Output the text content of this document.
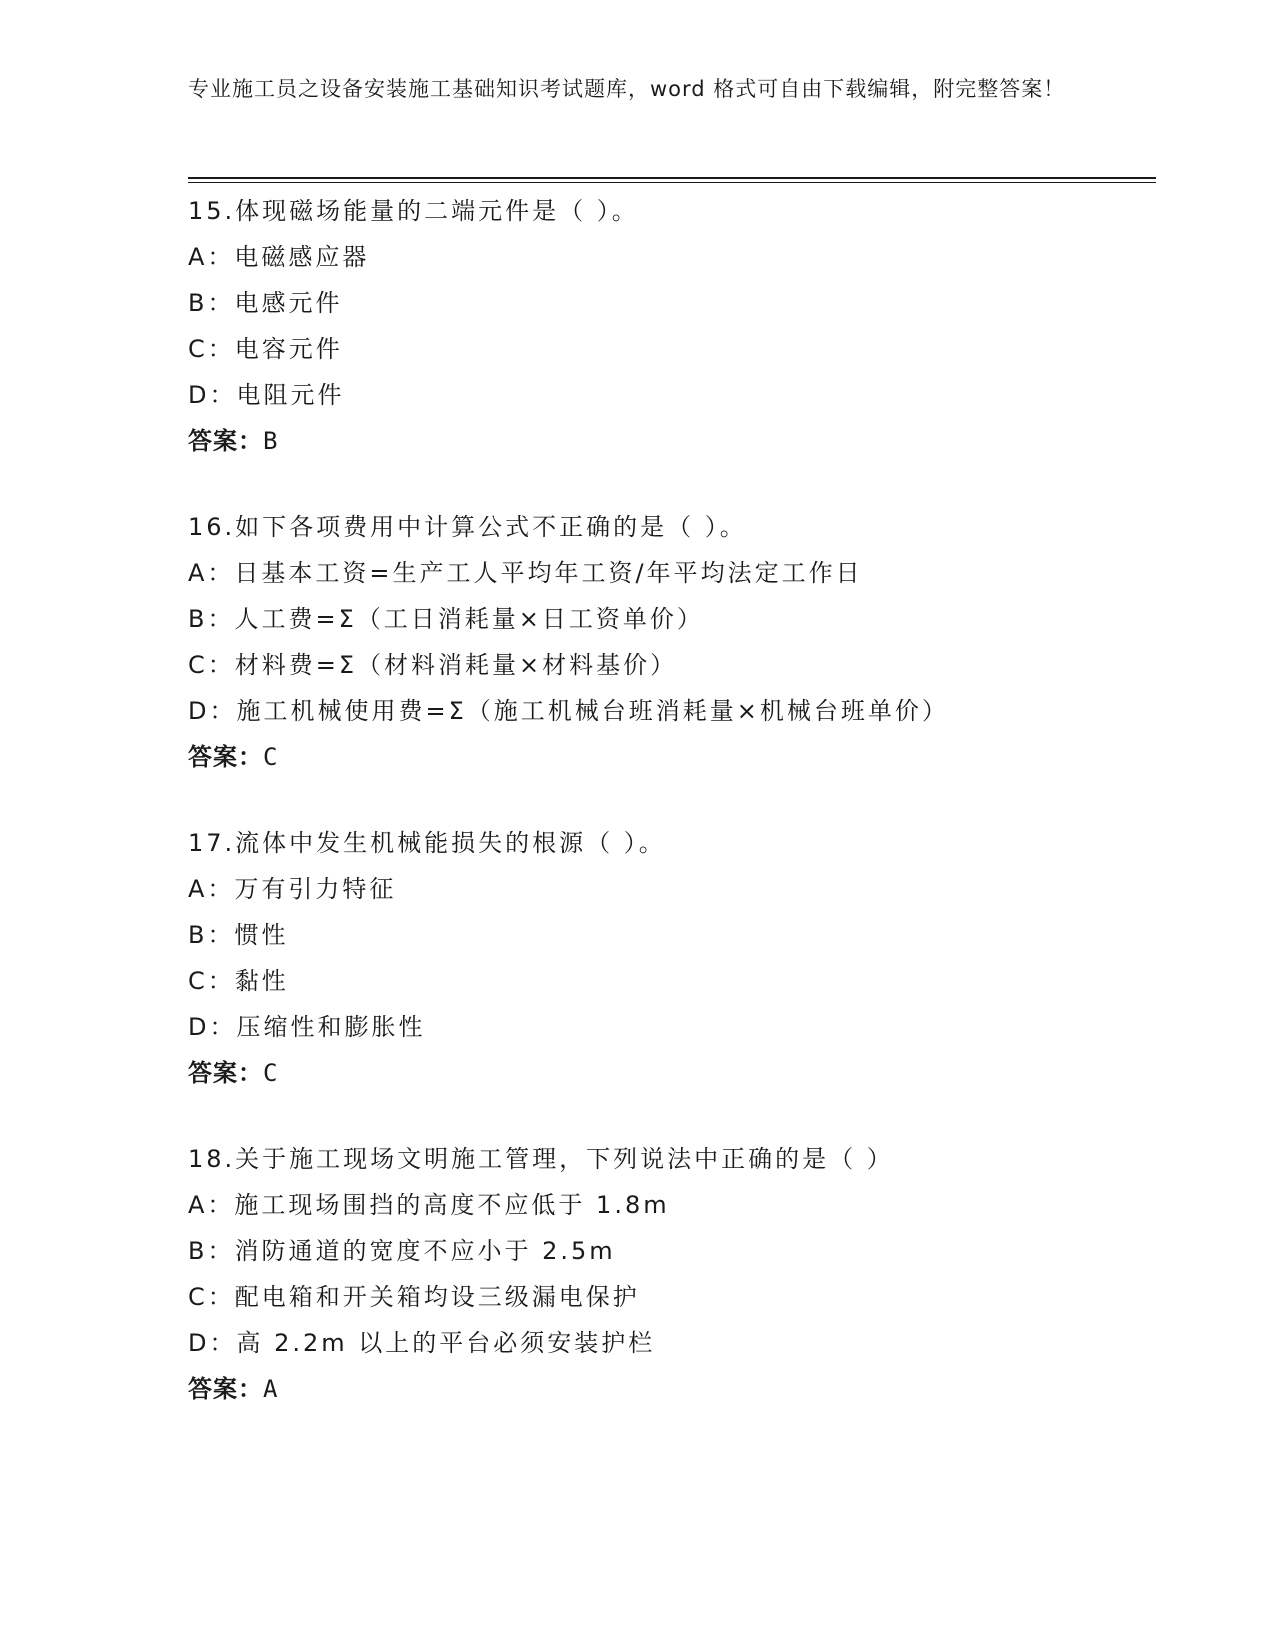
专业施工员之设备安装施工基础知识考试题库，word 格式可自由下载编辑，附完整答案！
15.体现磁场能量的二端元件是（ ）。
A：电磁感应器
B：电感元件
C：电容元件
D：电阻元件
答案：B
16.如下各项费用中计算公式不正确的是（ ）。
A：日基本工资=生产工人平均年工资/年平均法定工作日
B：人工费=Σ（工日消耗量×日工资单价）
C：材料费=Σ（材料消耗量×材料基价）
D：施工机械使用费=Σ（施工机械台班消耗量×机械台班单价）
答案：C
17.流体中发生机械能损失的根源（ ）。
A：万有引力特征
B：惯性
C：黏性
D：压缩性和膨胀性
答案：C
18.关于施工现场文明施工管理，下列说法中正确的是（ ）
A：施工现场围挡的高度不应低于 1.8m
B：消防通道的宽度不应小于 2.5m
C：配电箱和开关箱均设三级漏电保护
D：高 2.2m 以上的平台必须安装护栏
答案：A
